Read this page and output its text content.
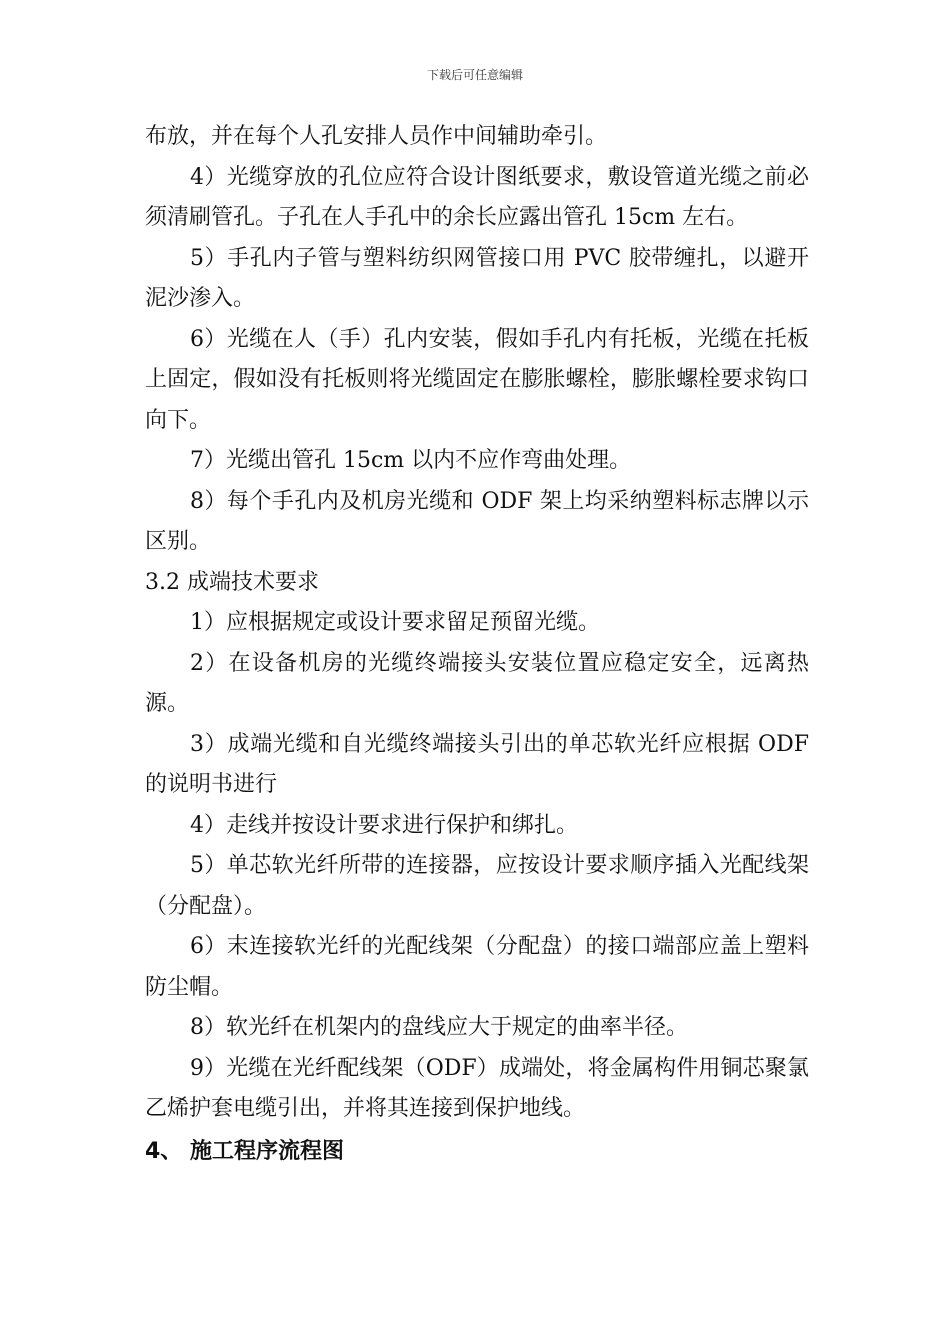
下载后可任意编辑

布放，并在每个人孔安排人员作中间辅助牵引。

4）光缆穿放的孔位应符合设计图纸要求，敷设管道光缆之前必须清刷管孔。子孔在人手孔中的余长应露出管孔 15cm 左右。

5）手孔内子管与塑料纺织网管接口用 PVC 胶带缠扎，以避开泥沙渗入。

6）光缆在人（手）孔内安装，假如手孔内有托板，光缆在托板上固定，假如没有托板则将光缆固定在膨胀螺栓，膨胀螺栓要求钩口向下。

7）光缆出管孔 15cm 以内不应作弯曲处理。

8）每个手孔内及机房光缆和 ODF 架上均采纳塑料标志牌以示区别。

3.2 成端技术要求

1）应根据规定或设计要求留足预留光缆。

2）在设备机房的光缆终端接头安装位置应稳定安全，远离热源。

3）成端光缆和自光缆终端接头引出的单芯软光纤应根据 ODF 的说明书进行

4）走线并按设计要求进行保护和绑扎。

5）单芯软光纤所带的连接器，应按设计要求顺序插入光配线架（分配盘）。

6）末连接软光纤的光配线架（分配盘）的接口端部应盖上塑料防尘帽。

8）软光纤在机架内的盘线应大于规定的曲率半径。

9）光缆在光纤配线架（ODF）成端处，将金属构件用铜芯聚氯乙烯护套电缆引出，并将其连接到保护地线。

4、 施工程序流程图
